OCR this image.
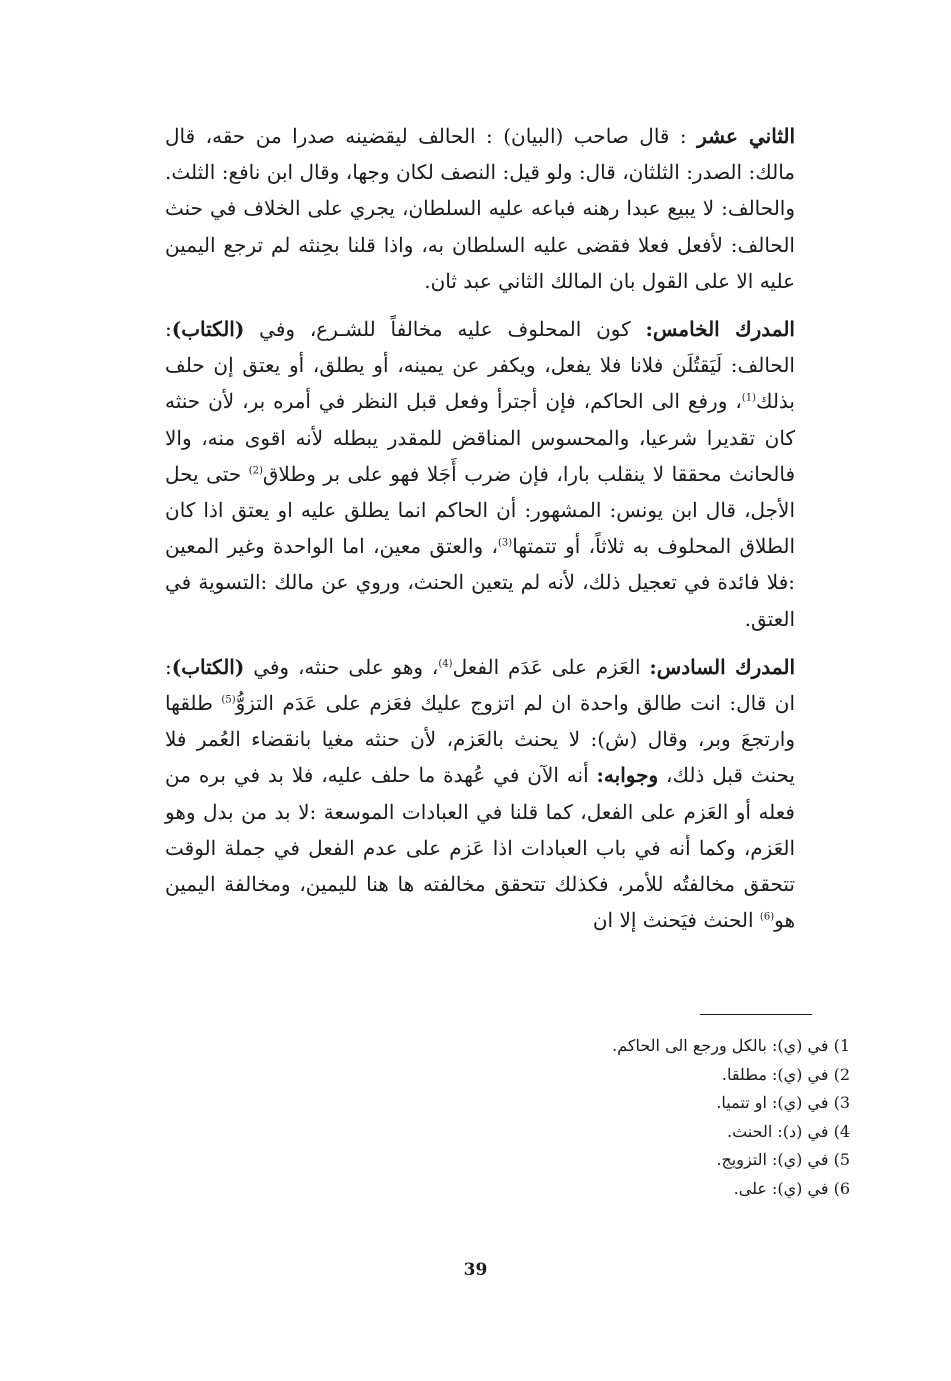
الثاني عشر : قال صاحب (البيان) : الحالف ليقضينه صدرا من حقه، قال مالك: الصدر: الثلثان، قال: ولو قيل: النصف لكان وجها، وقال ابن نافع: الثلث. والحالف: لا يبيع عبدا رهنه فباعه عليه السلطان، يجري على الخلاف في حنث الحالف: لأفعل فعلا فقضى عليه السلطان به، واذا قلنا بحِنثه لم ترجع اليمين عليه الا على القول بان المالك الثاني عبد ثان.

المدرك الخامس: كون المحلوف عليه مخالفاً للشـرع، وفي (الكتاب): الحالف: لَيَقتُلَن فلانا فلا يفعل، ويكفر عن يمينه، أو يطلق، أو يعتق إن حلف بذلك$^{(1)}$، ورفع الى الحاكم، فإن أجترأ وفعل قبل النظر في أمره بر، لأن حنثه كان تقديرا شرعيا، والمحسوس المناقض للمقدر يبطله لأنه اقوى منه، والا فالحانث محققا لا ينقلب بارا، فإن ضرب أَجَلا فهو على بر وطلاق$^{(2)}$ حتى يحل الأجل، قال ابن يونس: المشهور: أن الحاكم انما يطلق عليه او يعتق اذا كان الطلاق المحلوف به ثلاثاً، أو تتمتها$^{(3)}$، والعتق معين، اما الواحدة وغير المعين :فلا فائدة في تعجيل ذلك، لأنه لم يتعين الحنث، وروي عن مالك :التسوية في العتق.

المدرك السادس: العَزم على عَدَم الفعل$^{(4)}$، وهو على حنثه، وفي (الكتاب): ان قال: انت طالق واحدة ان لم اتزوج عليك فعَزم على عَدَم التزوُّ$^{(5)}$ طلقها وارتجعَ وبر، وقال (ش): لا يحنث بالعَزم، لأن حنثه مغيا بانقضاء العُمر فلا يحنث قبل ذلك، وجوابه: أنه الآن في عُهدة ما حلف عليه، فلا بد في بره من فعله أو العَزم على الفعل، كما قلنا في العبادات الموسعة :لا بد من بدل وهو العَزم، وكما أنه في باب العبادات اذا عَزم على عدم الفعل في جملة الوقت تتحقق مخالفتُه للأمر، فكذلك تتحقق مخالفته ها هنا لليمين، ومخالفة اليمين هو$^{(6)}$ الحنث فيَحنث إلا ان

1) في (ي): بالكل ورجع الى الحاكم.
2) في (ي): مطلقا.
3) في (ي): او تتميا.
4) في (د): الحنث.
5) في (ي): التزويج.
6) في (ي): على.
39
